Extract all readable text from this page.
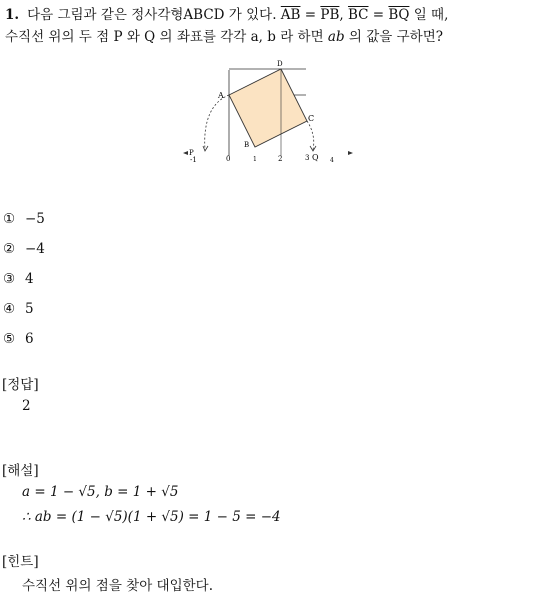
1. 다음 그림과 같은 정사각형ABCD 가 있다. $\overline{AB} = \overline{PB}$, $\overline{BC} = \overline{BQ}$ 일 때,
수직선 위의 두 점 P 와 Q 의 좌표를 각각 a, b 라 하면 ab 의 값을 구하면?
A
D
C
B
P	Q
-1	0	1	2	3	4
① −5
② −4
③ 4
④ 5
⑤ 6
[정답]
2
[해설]
a = 1 − √5, b = 1 + √5
∴ ab = (1 − √5)(1 + √5) = 1 − 5 = −4
[힌트]
수직선 위의 점을 찾아 대입한다.
